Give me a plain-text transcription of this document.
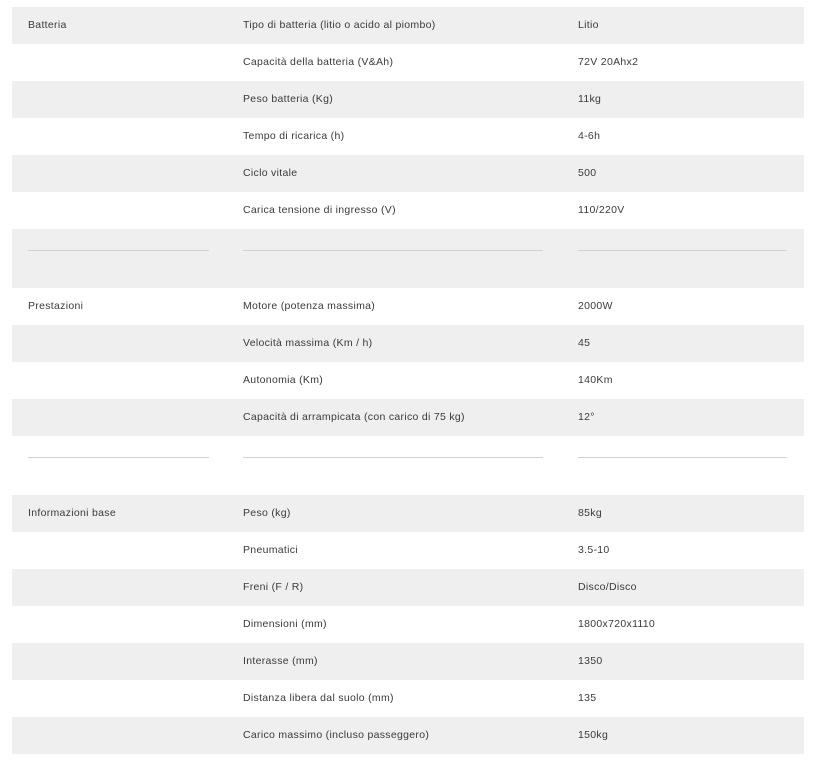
Batteria	Tipo di batteria (litio o acido al piombo)	Litio
Capacità della batteria (V&Ah)	72V 20Ahx2
Peso batteria (Kg)	11kg
Tempo di ricarica (h)	4-6h
Ciclo vitale	500
Carica tensione di ingresso (V)	110/220V
Prestazioni	Motore (potenza massima)	2000W
Velocità massima (Km / h)	45
Autonomia (Km)	140Km
Capacità di arrampicata (con carico di 75 kg)	12°
Informazioni base	Peso (kg)	85kg
Pneumatici	3.5-10
Freni (F / R)	Disco/Disco
Dimensioni (mm)	1800x720x1110
Interasse (mm)	1350
Distanza libera dal suolo (mm)	135
Carico massimo (incluso passeggero)	150kg
